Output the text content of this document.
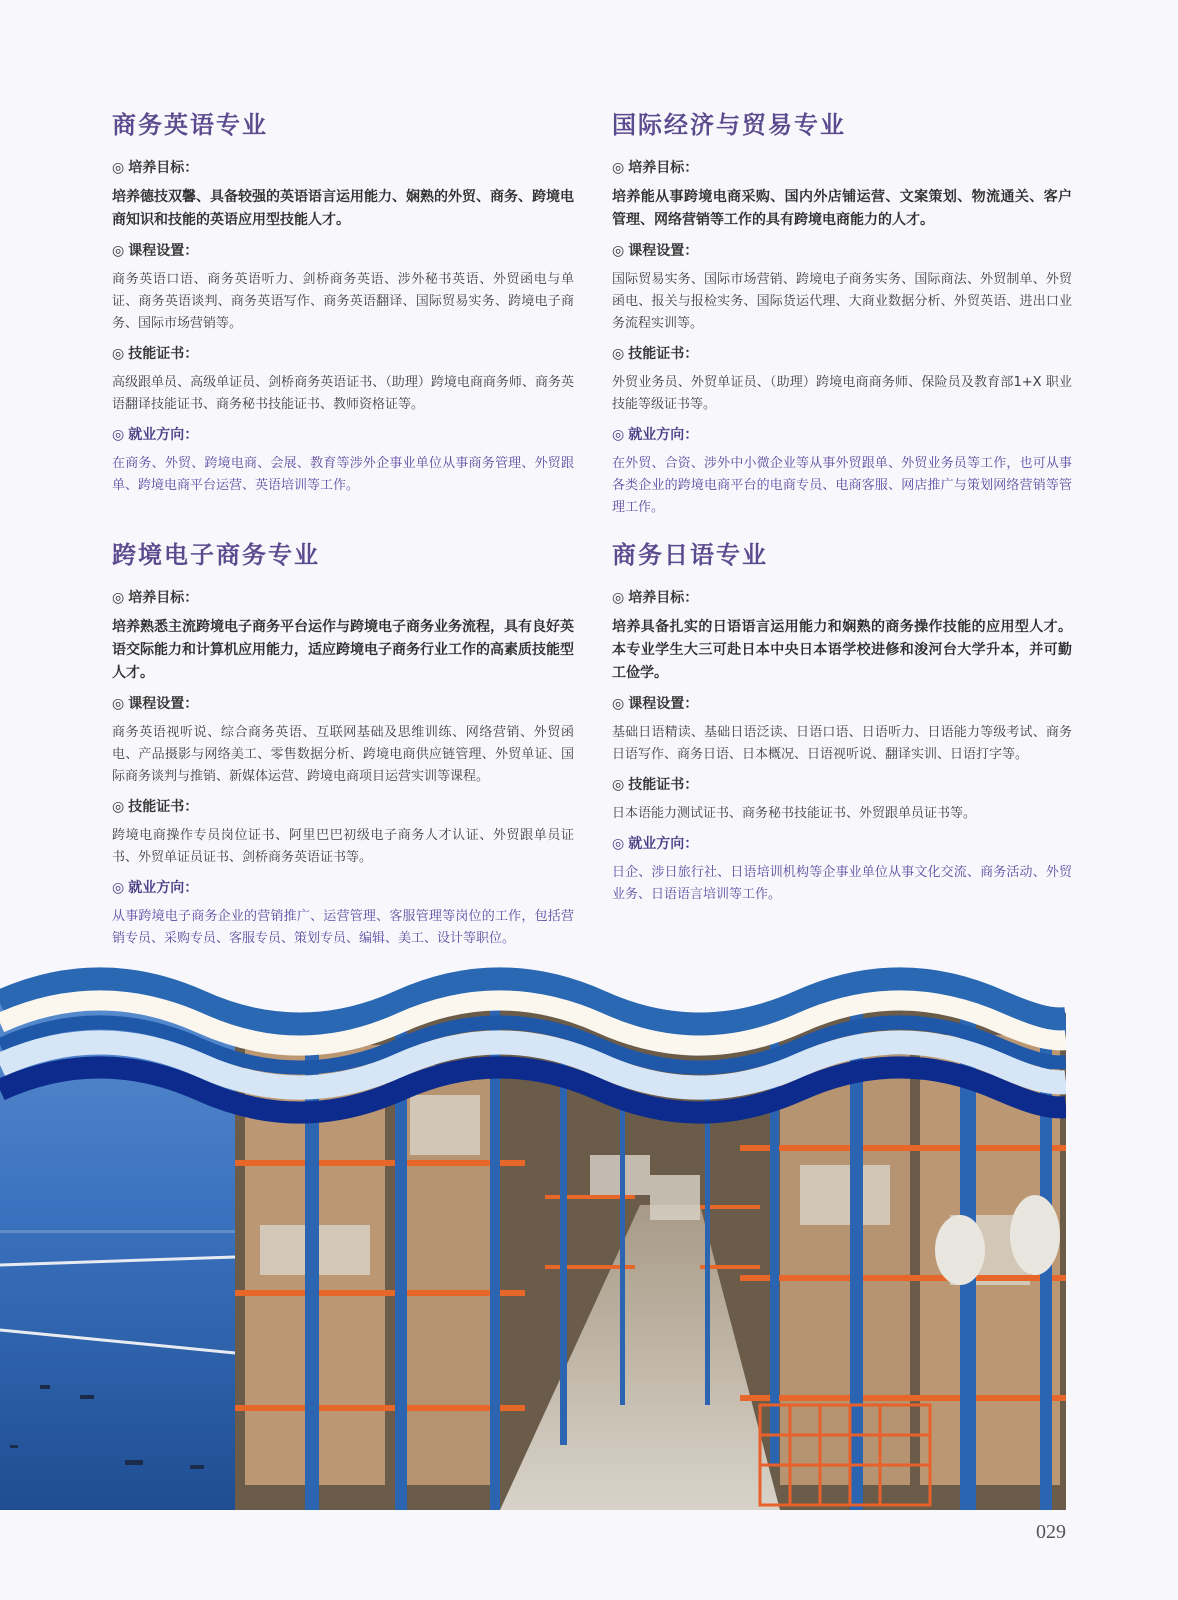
商务英语专业
◎ 培养目标：

培养德技双馨、具备较强的英语语言运用能力、娴熟的外贸、商务、跨境电商知识和技能的英语应用型技能人才。

◎ 课程设置：

商务英语口语、商务英语听力、剑桥商务英语、涉外秘书英语、外贸函电与单证、商务英语谈判、商务英语写作、商务英语翻译、国际贸易实务、跨境电子商务、国际市场营销等。

◎ 技能证书：

高级跟单员、高级单证员、剑桥商务英语证书、（助理）跨境电商商务师、商务英语翻译技能证书、商务秘书技能证书、教师资格证等。

◎ 就业方向：

在商务、外贸、跨境电商、会展、教育等涉外企事业单位从事商务管理、外贸跟单、跨境电商平台运营、英语培训等工作。

国际经济与贸易专业
◎ 培养目标：

培养能从事跨境电商采购、国内外店铺运营、文案策划、物流通关、客户管理、网络营销等工作的具有跨境电商能力的人才。

◎ 课程设置：

国际贸易实务、国际市场营销、跨境电子商务实务、国际商法、外贸制单、外贸函电、报关与报检实务、国际货运代理、大商业数据分析、外贸英语、进出口业务流程实训等。

◎ 技能证书：

外贸业务员、外贸单证员、（助理）跨境电商商务师、保险员及教育部1+X 职业技能等级证书等。

◎ 就业方向：

在外贸、合资、涉外中小微企业等从事外贸跟单、外贸业务员等工作，也可从事各类企业的跨境电商平台的电商专员、电商客服、网店推广与策划网络营销等管理工作。

跨境电子商务专业
◎ 培养目标：

培养熟悉主流跨境电子商务平台运作与跨境电子商务业务流程，具有良好英语交际能力和计算机应用能力，适应跨境电子商务行业工作的高素质技能型人才。

◎ 课程设置：

商务英语视听说、综合商务英语、互联网基础及思维训练、网络营销、外贸函电、产品摄影与网络美工、零售数据分析、跨境电商供应链管理、外贸单证、国际商务谈判与推销、新媒体运营、跨境电商项目运营实训等课程。

◎ 技能证书：

跨境电商操作专员岗位证书、阿里巴巴初级电子商务人才认证、外贸跟单员证书、外贸单证员证书、剑桥商务英语证书等。

◎ 就业方向：

从事跨境电子商务企业的营销推广、运营管理、客服管理等岗位的工作，包括营销专员、采购专员、客服专员、策划专员、编辑、美工、设计等职位。

商务日语专业
◎ 培养目标：

培养具备扎实的日语语言运用能力和娴熟的商务操作技能的应用型人才。本专业学生大三可赴日本中央日本语学校进修和浚河台大学升本，并可勤工俭学。

◎ 课程设置：

基础日语精读、基础日语泛读、日语口语、日语听力、日语能力等级考试、商务日语写作、商务日语、日本概况、日语视听说、翻译实训、日语打字等。

◎ 技能证书：

日本语能力测试证书、商务秘书技能证书、外贸跟单员证书等。

◎ 就业方向：

日企、涉日旅行社、日语培训机构等企事业单位从事文化交流、商务活动、外贸业务、日语语言培训等工作。

029
